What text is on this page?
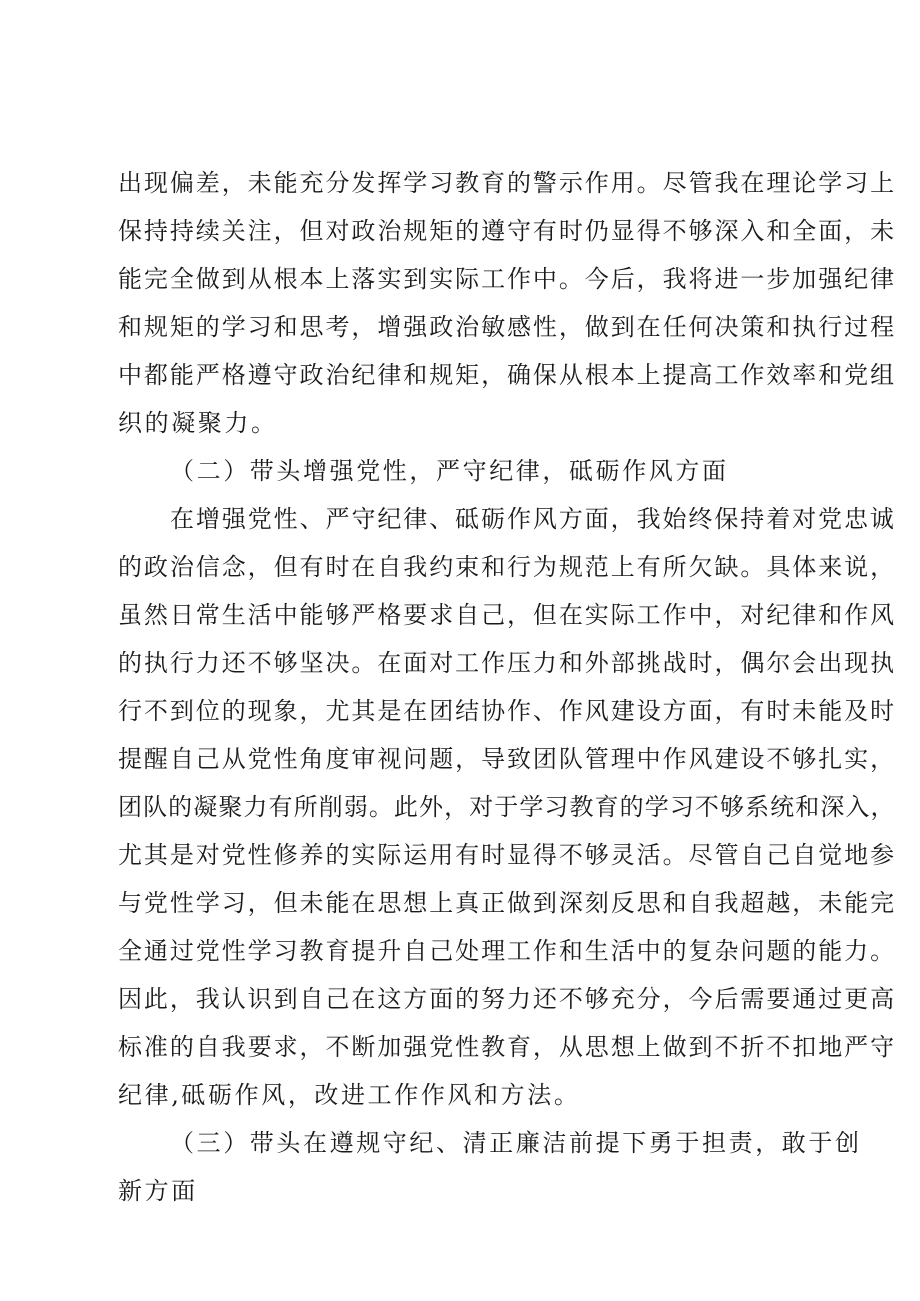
出现偏差，未能充分发挥学习教育的警示作用。尽管我在理论学习上
保持持续关注，但对政治规矩的遵守有时仍显得不够深入和全面，未
能完全做到从根本上落实到实际工作中。今后，我将进一步加强纪律
和规矩的学习和思考，增强政治敏感性，做到在任何决策和执行过程
中都能严格遵守政治纪律和规矩，确保从根本上提高工作效率和党组
织的凝聚力。
（二）带头增强党性，严守纪律，砥砺作风方面
在增强党性、严守纪律、砥砺作风方面，我始终保持着对党忠诚
的政治信念，但有时在自我约束和行为规范上有所欠缺。具体来说，
虽然日常生活中能够严格要求自己，但在实际工作中，对纪律和作风
的执行力还不够坚决。在面对工作压力和外部挑战时，偶尔会出现执
行不到位的现象，尤其是在团结协作、作风建设方面，有时未能及时
提醒自己从党性角度审视问题，导致团队管理中作风建设不够扎实，
团队的凝聚力有所削弱。此外，对于学习教育的学习不够系统和深入，
尤其是对党性修养的实际运用有时显得不够灵活。尽管自己自觉地参
与党性学习，但未能在思想上真正做到深刻反思和自我超越，未能完
全通过党性学习教育提升自己处理工作和生活中的复杂问题的能力。
因此，我认识到自己在这方面的努力还不够充分，今后需要通过更高
标准的自我要求，不断加强党性教育，从思想上做到不折不扣地严守
纪律,砥砺作风，改进工作作风和方法。
（三）带头在遵规守纪、清正廉洁前提下勇于担责，敢于创
新方面
